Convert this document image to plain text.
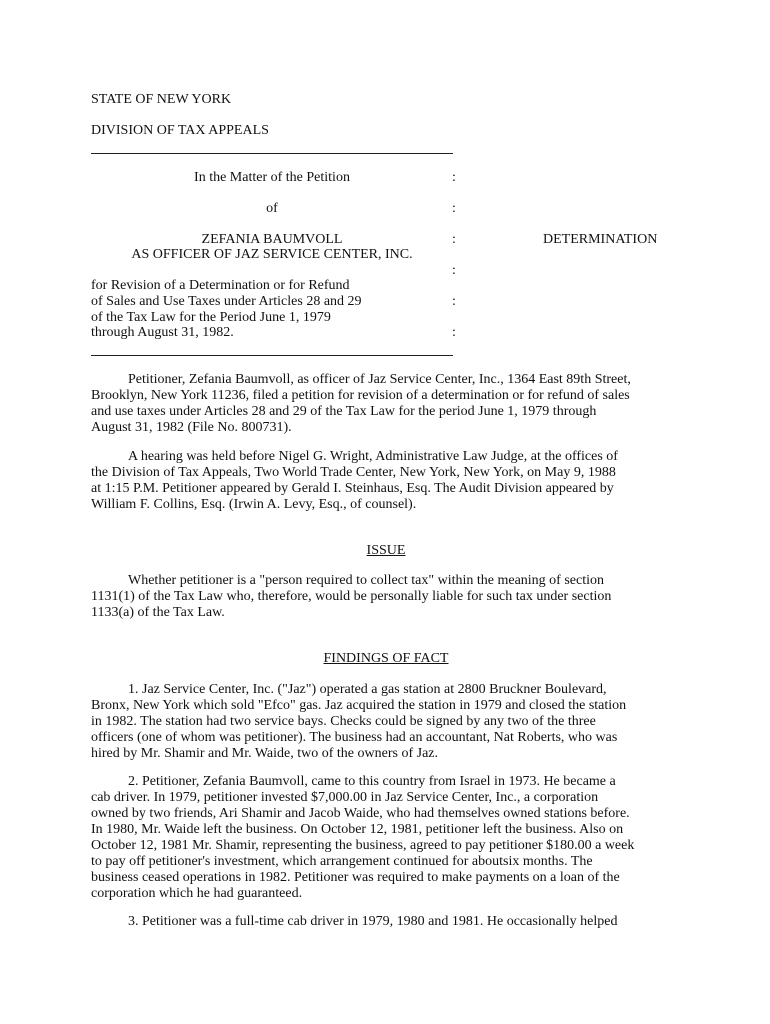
STATE OF NEW YORK
DIVISION OF TAX APPEALS
In the Matter of the Petition	:
of	:
ZEFANIA BAUMVOLL	:	DETERMINATION
AS OFFICER OF JAZ SERVICE CENTER, INC.
:
for Revision of a Determination or for Refund
of Sales and Use Taxes under Articles 28 and 29	:
of the Tax Law for the Period June 1, 1979
through August 31, 1982.	:
Petitioner, Zefania Baumvoll, as officer of Jaz Service Center, Inc., 1364 East 89th Street,
Brooklyn, New York 11236, filed a petition for revision of a determination or for refund of sales
and use taxes under Articles 28 and 29 of the Tax Law for the period June 1, 1979 through
August 31, 1982 (File No. 800731).
A hearing was held before Nigel G. Wright, Administrative Law Judge, at the offices of
the Division of Tax Appeals, Two World Trade Center, New York, New York, on May 9, 1988
at 1:15 P.M. Petitioner appeared by Gerald I. Steinhaus, Esq. The Audit Division appeared by
William F. Collins, Esq. (Irwin A. Levy, Esq., of counsel).
ISSUE
Whether petitioner is a "person required to collect tax" within the meaning of section
1131(1) of the Tax Law who, therefore, would be personally liable for such tax under section
1133(a) of the Tax Law.
FINDINGS OF FACT
1. Jaz Service Center, Inc. ("Jaz") operated a gas station at 2800 Bruckner Boulevard,
Bronx, New York which sold "Efco" gas. Jaz acquired the station in 1979 and closed the station
in 1982. The station had two service bays. Checks could be signed by any two of the three
officers (one of whom was petitioner). The business had an accountant, Nat Roberts, who was
hired by Mr. Shamir and Mr. Waide, two of the owners of Jaz.
2. Petitioner, Zefania Baumvoll, came to this country from Israel in 1973. He became a
cab driver. In 1979, petitioner invested $7,000.00 in Jaz Service Center, Inc., a corporation
owned by two friends, Ari Shamir and Jacob Waide, who had themselves owned stations before.
In 1980, Mr. Waide left the business. On October 12, 1981, petitioner left the business. Also on
October 12, 1981 Mr. Shamir, representing the business, agreed to pay petitioner $180.00 a week
to pay off petitioner's investment, which arrangement continued for aboutsix months. The
business ceased operations in 1982. Petitioner was required to make payments on a loan of the
corporation which he had guaranteed.
3. Petitioner was a full-time cab driver in 1979, 1980 and 1981. He occasionally helped
